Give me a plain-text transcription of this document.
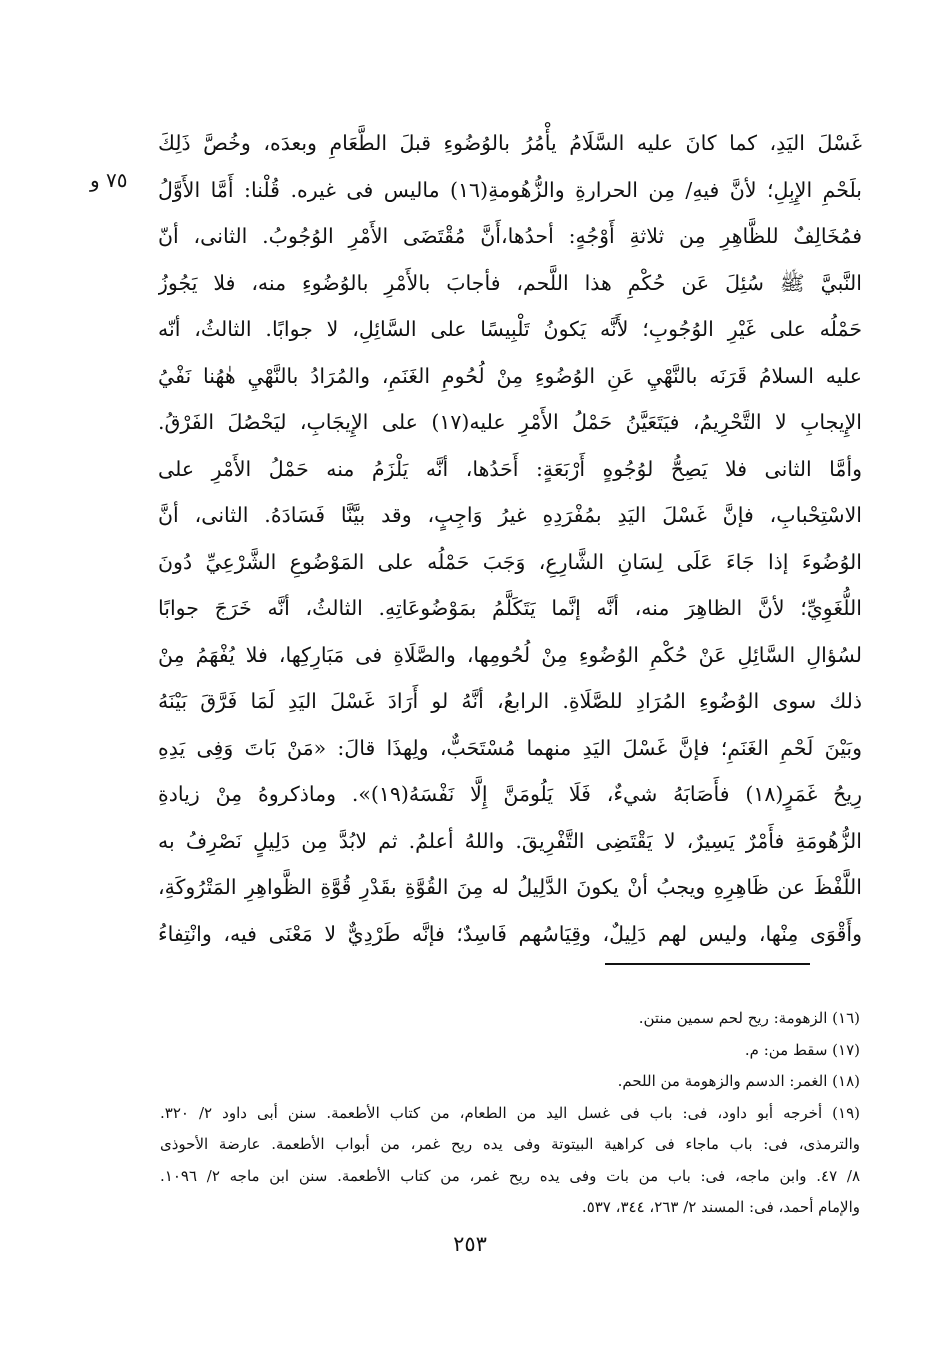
٧٥ و
غَسْلَ اليَدِ، كما كانَ عليه السَّلَامُ يأْمُرُ بالوُضُوءِ قبلَ الطَّعَامِ وبعدَه، وخُصَّ ذَلِكَ
بلَحْمِ الإِبِلِ؛ لأنَّ فيهِ/ مِن الحرارةِ والزُّهُومةِ(١٦) ماليس فى غيره. قُلْنا: أَمَّا الأَوَّلُ
فمُخَالِفٌ للظَّاهِرِ مِن ثلاثةِ أَوْجُهٍ: أحدُها،أَنَّ مُقْتَضَى الأَمْرِ الوُجُوبُ. الثانى، أنّ
النَّبيَّ ﷺ سُئِلَ عَن حُكْمِ هذا اللَّحم، فأجابَ بالأَمْرِ بالوُضُوءِ منه، فلا يَجُوزُ
حَمْلُه على غَيْرِ الوُجُوبِ؛ لأَنَّه يَكونُ تَلْبِيسًا على السَّائِلِ، لا جوابًا. الثالثُ، أنّه
عليه السلامُ قَرَنَه بالنَّهْيِ عَنِ الوُضُوءِ مِنْ لُحُومِ الغَنَمِ، والمُرَادُ بالنَّهْيِ هٰهُنا نَفْيُ
الإِيجابِ لا التَّحْرِيمُ، فيَتَعَيَّنُ حَمْلُ الأَمْرِ عليه(١٧) على الإِيجَابِ، ليَحْصُلَ الفَرْقُ.
وأمَّا الثانى فلا يَصِحُّ لوُجُوهٍ أَرْبَعَةٍ: أَحَدُها، أنَّه يَلْزَمُ منه حَمْلُ الأَمْرِ على
الاسْتِحْبابِ، فإنَّ غَسْلَ اليَدِ بمُفْرَدِهِ غيرُ وَاجِبٍ، وقد بيَّنَّا فَسَادَهُ. الثانى، أنَّ
الوُضُوءَ إذا جَاءَ عَلَى لِسَانِ الشَّارِعِ، وَجَبَ حَمْلُه على المَوْضُوعِ الشَّرْعِيِّ دُونَ
اللُّغَوِيِّ؛ لأنَّ الظاهِرَ منه، أنَّه إنَّما يَتَكَلَّمُ بمَوْضُوعَاتِهِ. الثالثُ، أنَّه خَرَجَ جوابًا
لسُؤالِ السَّائِلِ عَنْ حُكْمِ الوُضُوءِ مِنْ لُحُومِها، والصَّلَاةِ فى مَبَارِكِها، فلا يُفْهَمُ مِنْ
ذلك سوى الوُضُوءِ المُرَادِ للصَّلَاةِ. الرابعُ، أنَّهُ لو أَرَادَ غَسْلَ اليَدِ لَمَا فَرَّقَ بَيْنَهُ
وبَيْنَ لَحْمِ الغَنَمِ؛ فإنَّ غَسْلَ اليَدِ منهما مُسْتَحَبٌّ، ولِهذَا قالَ: «مَنْ بَاتَ وَفِى يَدِهِ
رِيحُ غَمَرٍ(١٨) فأَصَابَهُ شيءٌ، فَلَا يَلُومَنَّ إِلَّا نَفْسَهُ(١٩)». وماذكروهُ مِنْ زيادةِ
الزُّهُومَةِ فأَمْرٌ يَسِيرٌ، لا يَقْتَضِى التَّفْرِيقَ. واللهُ أعلمُ. ثم لابُدَّ مِن دَلِيلٍ نَصْرِفُ به
اللَّفْظَ عن ظَاهِرِهِ ويجبُ أنْ يكونَ الدَّلِيلُ له مِنَ القُوَّةِ بقَدْرِ قُوَّةِ الظَّواهِرِ المَتْرُوكَةِ،
وأَقْوَى مِنْها، وليس لهم دَلِيلٌ، وقِيَاسُهم فَاسِدٌ؛ فإنَّه طَرْدِيٌّ لا مَعْنَى فيه، وانْتِفاءُ
(١٦) الزهومة: ريح لحم سمين منتن.
(١٧) سقط من: م.
(١٨) الغمر: الدسم والزهومة من اللحم.
(١٩) أخرجه أبو داود، فى: باب فى غسل اليد من الطعام، من كتاب الأطعمة. سنن أبى داود ٢/ ٣٢٠.
والترمذى، فى: باب ماجاء فى كراهية البيتوتة وفى يده ريح غمر، من أبواب الأطعمة. عارضة الأحوذى
٨/ ٤٧. وابن ماجه، فى: باب من بات وفى يده ريح غمر، من كتاب الأطعمة. سنن ابن ماجه ٢/ ١٠٩٦.
والإمام أحمد، فى: المسند ٢/ ٢٦٣، ٣٤٤، ٥٣٧.
٢٥٣
